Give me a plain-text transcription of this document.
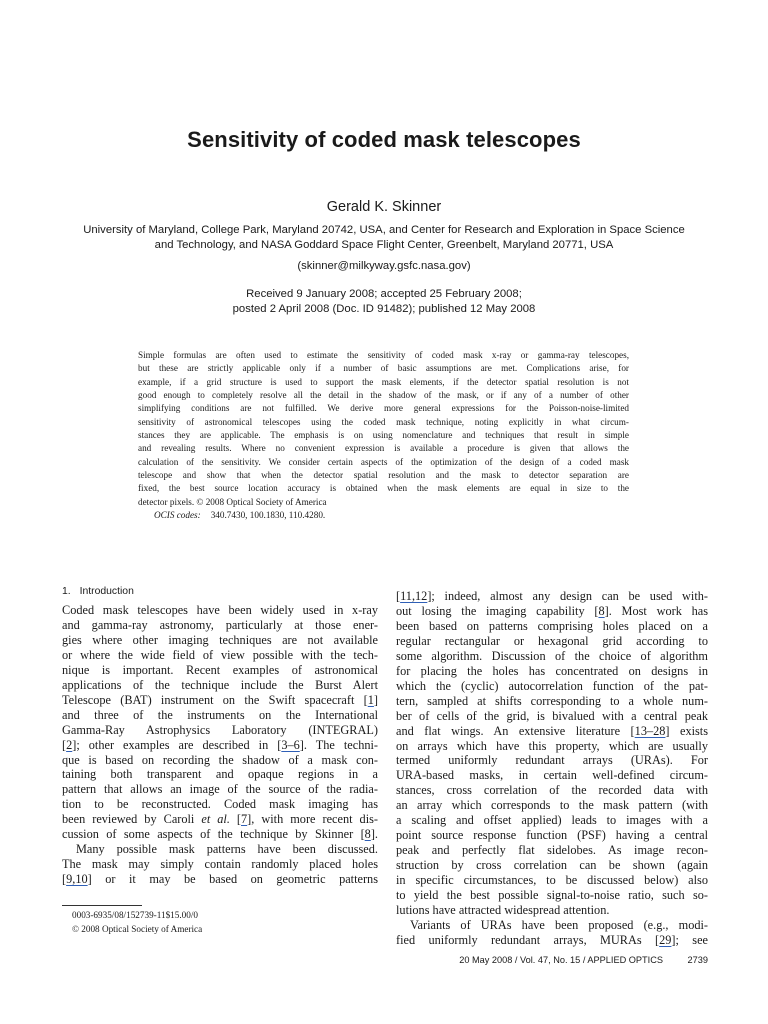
Sensitivity of coded mask telescopes
Gerald K. Skinner
University of Maryland, College Park, Maryland 20742, USA, and Center for Research and Exploration in Space Science
and Technology, and NASA Goddard Space Flight Center, Greenbelt, Maryland 20771, USA
(skinner@milkyway.gsfc.nasa.gov)
Received 9 January 2008; accepted 25 February 2008;
posted 2 April 2008 (Doc. ID 91482); published 12 May 2008
Simple formulas are often used to estimate the sensitivity of coded mask x-ray or gamma-ray telescopes,
but these are strictly applicable only if a number of basic assumptions are met. Complications arise, for
example, if a grid structure is used to support the mask elements, if the detector spatial resolution is not
good enough to completely resolve all the detail in the shadow of the mask, or if any of a number of other
simplifying conditions are not fulfilled. We derive more general expressions for the Poisson-noise-limited
sensitivity of astronomical telescopes using the coded mask technique, noting explicitly in what circum-
stances they are applicable. The emphasis is on using nomenclature and techniques that result in simple
and revealing results. Where no convenient expression is available a procedure is given that allows the
calculation of the sensitivity. We consider certain aspects of the optimization of the design of a coded mask
telescope and show that when the detector spatial resolution and the mask to detector separation are
fixed, the best source location accuracy is obtained when the mask elements are equal in size to the
detector pixels. © 2008 Optical Society of America
OCIS codes: 340.7430, 100.1830, 110.4280.
1. Introduction
Coded mask telescopes have been widely used in x-ray
and gamma-ray astronomy, particularly at those ener-
gies where other imaging techniques are not available
or where the wide field of view possible with the tech-
nique is important. Recent examples of astronomical
applications of the technique include the Burst Alert
Telescope (BAT) instrument on the Swift spacecraft [1]
and three of the instruments on the International
Gamma-Ray Astrophysics Laboratory (INTEGRAL)
[2]; other examples are described in [3–6]. The techni-
que is based on recording the shadow of a mask con-
taining both transparent and opaque regions in a
pattern that allows an image of the source of the radia-
tion to be reconstructed. Coded mask imaging has
been reviewed by Caroli et al. [7], with more recent dis-
cussion of some aspects of the technique by Skinner [8].
Many possible mask patterns have been discussed.
The mask may simply contain randomly placed holes
[9,10] or it may be based on geometric patterns
[11,12]; indeed, almost any design can be used with-
out losing the imaging capability [8]. Most work has
been based on patterns comprising holes placed on a
regular rectangular or hexagonal grid according to
some algorithm. Discussion of the choice of algorithm
for placing the holes has concentrated on designs in
which the (cyclic) autocorrelation function of the pat-
tern, sampled at shifts corresponding to a whole num-
ber of cells of the grid, is bivalued with a central peak
and flat wings. An extensive literature [13–28] exists
on arrays which have this property, which are usually
termed uniformly redundant arrays (URAs). For
URA-based masks, in certain well-defined circum-
stances, cross correlation of the recorded data with
an array which corresponds to the mask pattern (with
a scaling and offset applied) leads to images with a
point source response function (PSF) having a central
peak and perfectly flat sidelobes. As image recon-
struction by cross correlation can be shown (again
in specific circumstances, to be discussed below) also
to yield the best possible signal-to-noise ratio, such so-
lutions have attracted widespread attention.
Variants of URAs have been proposed (e.g., modi-
fied uniformly redundant arrays, MURAs [29]; see
0003-6935/08/152739-11$15.00/0
© 2008 Optical Society of America
20 May 2008 / Vol. 47, No. 15 / APPLIED OPTICS	2739
